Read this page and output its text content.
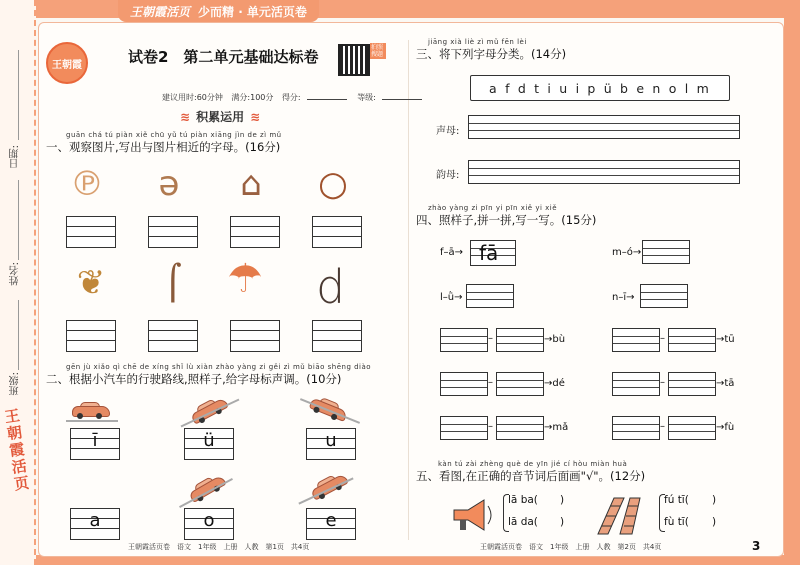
王朝霞活页 少而精 · 单元活页卷
日期:
姓名:
班级:
王朝霞活页
王朝霞	试卷2　第二单元基础达标卷
拍照搜题
建议用时:60分钟 满分:100分 得分:	等级:
≋ 积累运用 ≋
guān chá tú piàn xiě chū yǔ tú piàn xiāng jìn de zì mǔ
一、观察图片,写出与图片相近的字母。(16分)
℗	ə	⌂	○
❦	⌠	☂ d
gēn jù xiǎo qì chē de xíng shǐ lù xiàn zhào yàng zi gěi zì mǔ biāo shēng diào
二、根据小汽车的行驶路线,照样子,给字母标声调。(10分)
ī	ü	u
a	o	e
王朝霞活页卷　语文　1年级　上册　人教　第1页　共4页
jiāng xià liè zì mǔ fēn lèi
三、将下列字母分类。(14分)
a f d t i u i p ü b e n o l m
声母:
韵母:
zhào yàng zi pīn yi pīn xiě yi xiě
四、照样子,拼一拼,写一写。(15分)
f–ā→ fā	m–ó→
l–ǜ→	n–ī→
–	→bù	–	→tū
–	→dé	–	→tā
–	→mǎ	–	→fù
kàn tú zài zhèng què de yīn jié cí hòu miàn huà
五、看图,在正确的音节词后面画"√"。(12分)
lā ba( )
lā da( )
fú tī( )
fù tī( )
王朝霞活页卷　语文　1年级　上册　人教　第2页　共4页	3
